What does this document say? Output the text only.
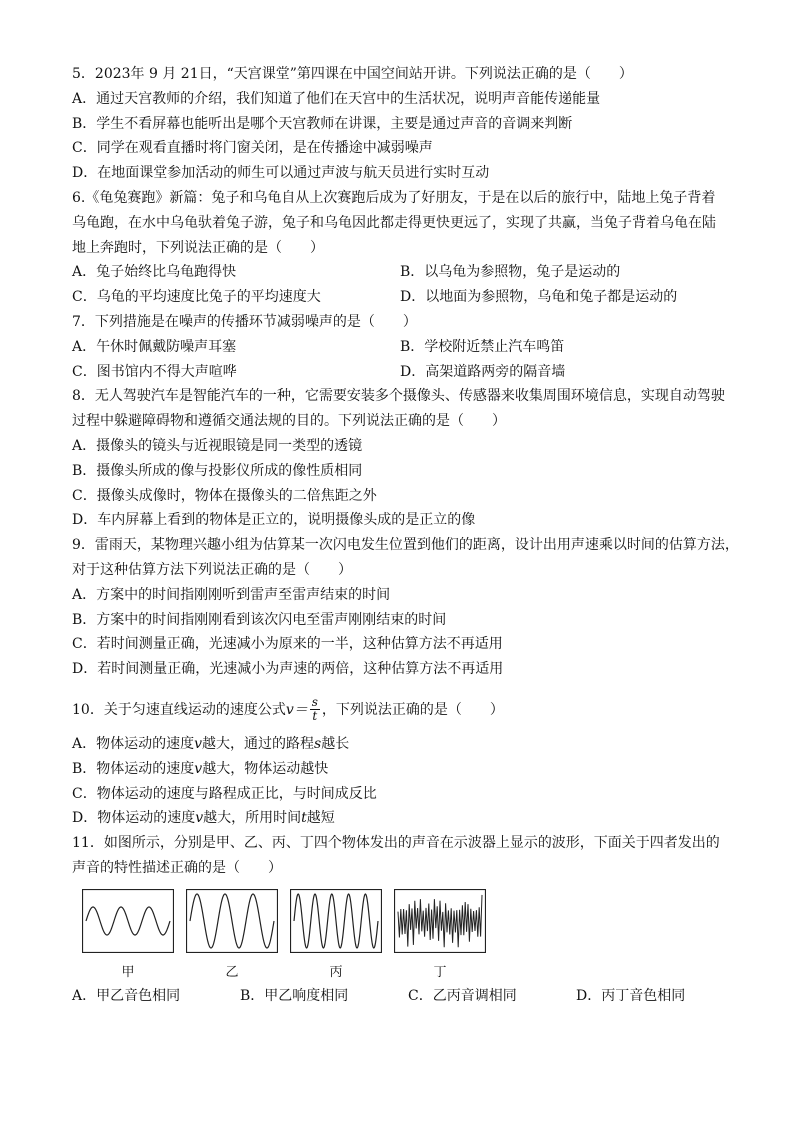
5．2023年 9 月 21日，“天宫课堂”第四课在中国空间站开讲。下列说法正确的是（　　）
A．通过天宫教师的介绍，我们知道了他们在天宫中的生活状况，说明声音能传递能量
B．学生不看屏幕也能听出是哪个天宫教师在讲课，主要是通过声音的音调来判断
C．同学在观看直播时将门窗关闭，是在传播途中减弱噪声
D．在地面课堂参加活动的师生可以通过声波与航天员进行实时互动
6.《龟兔赛跑》新篇：兔子和乌龟自从上次赛跑后成为了好朋友，于是在以后的旅行中，陆地上兔子背着
乌龟跑，在水中乌龟驮着兔子游，兔子和乌龟因此都走得更快更远了，实现了共赢，当兔子背着乌龟在陆
地上奔跑时，下列说法正确的是（　　）
A．兔子始终比乌龟跑得快	B．以乌龟为参照物，兔子是运动的
C．乌龟的平均速度比兔子的平均速度大	D．以地面为参照物，乌龟和兔子都是运动的
7．下列措施是在噪声的传播环节减弱噪声的是（　　）
A．午休时佩戴防噪声耳塞	B．学校附近禁止汽车鸣笛
C．图书馆内不得大声喧哗	D．高架道路两旁的隔音墙
8．无人驾驶汽车是智能汽车的一种，它需要安装多个摄像头、传感器来收集周围环境信息，实现自动驾驶
过程中躲避障碍物和遵循交通法规的目的。下列说法正确的是（　　）
A．摄像头的镜头与近视眼镜是同一类型的透镜
B．摄像头所成的像与投影仪所成的像性质相同
C．摄像头成像时，物体在摄像头的二倍焦距之外
D．车内屏幕上看到的物体是正立的，说明摄像头成的是正立的像
9．雷雨天，某物理兴趣小组为估算某一次闪电发生位置到他们的距离，设计出用声速乘以时间的估算方法，
对于这种估算方法下列说法正确的是（　　）
A．方案中的时间指刚刚听到雷声至雷声结束的时间
B．方案中的时间指刚刚看到该次闪电至雷声刚刚结束的时间
C．若时间测量正确，光速减小为原来的一半，这种估算方法不再适用
D．若时间测量正确，光速减小为声速的两倍，这种估算方法不再适用
10．关于匀速直线运动的速度公式$v= \frac{s}{t}$ ，下列说法正确的是（　　）
A．物体运动的速度v越大，通过的路程s越长
B．物体运动的速度v越大，物体运动越快
C．物体运动的速度与路程成正比，与时间成反比
D．物体运动的速度v越大，所用时间t越短
11．如图所示，分别是甲、乙、丙、丁四个物体发出的声音在示波器上显示的波形，下面关于四者发出的
声音的特性描述正确的是（　　）
甲	乙	丙	丁
A．甲乙音色相同	B．甲乙响度相同	C．乙丙音调相同	D．丙丁音色相同
